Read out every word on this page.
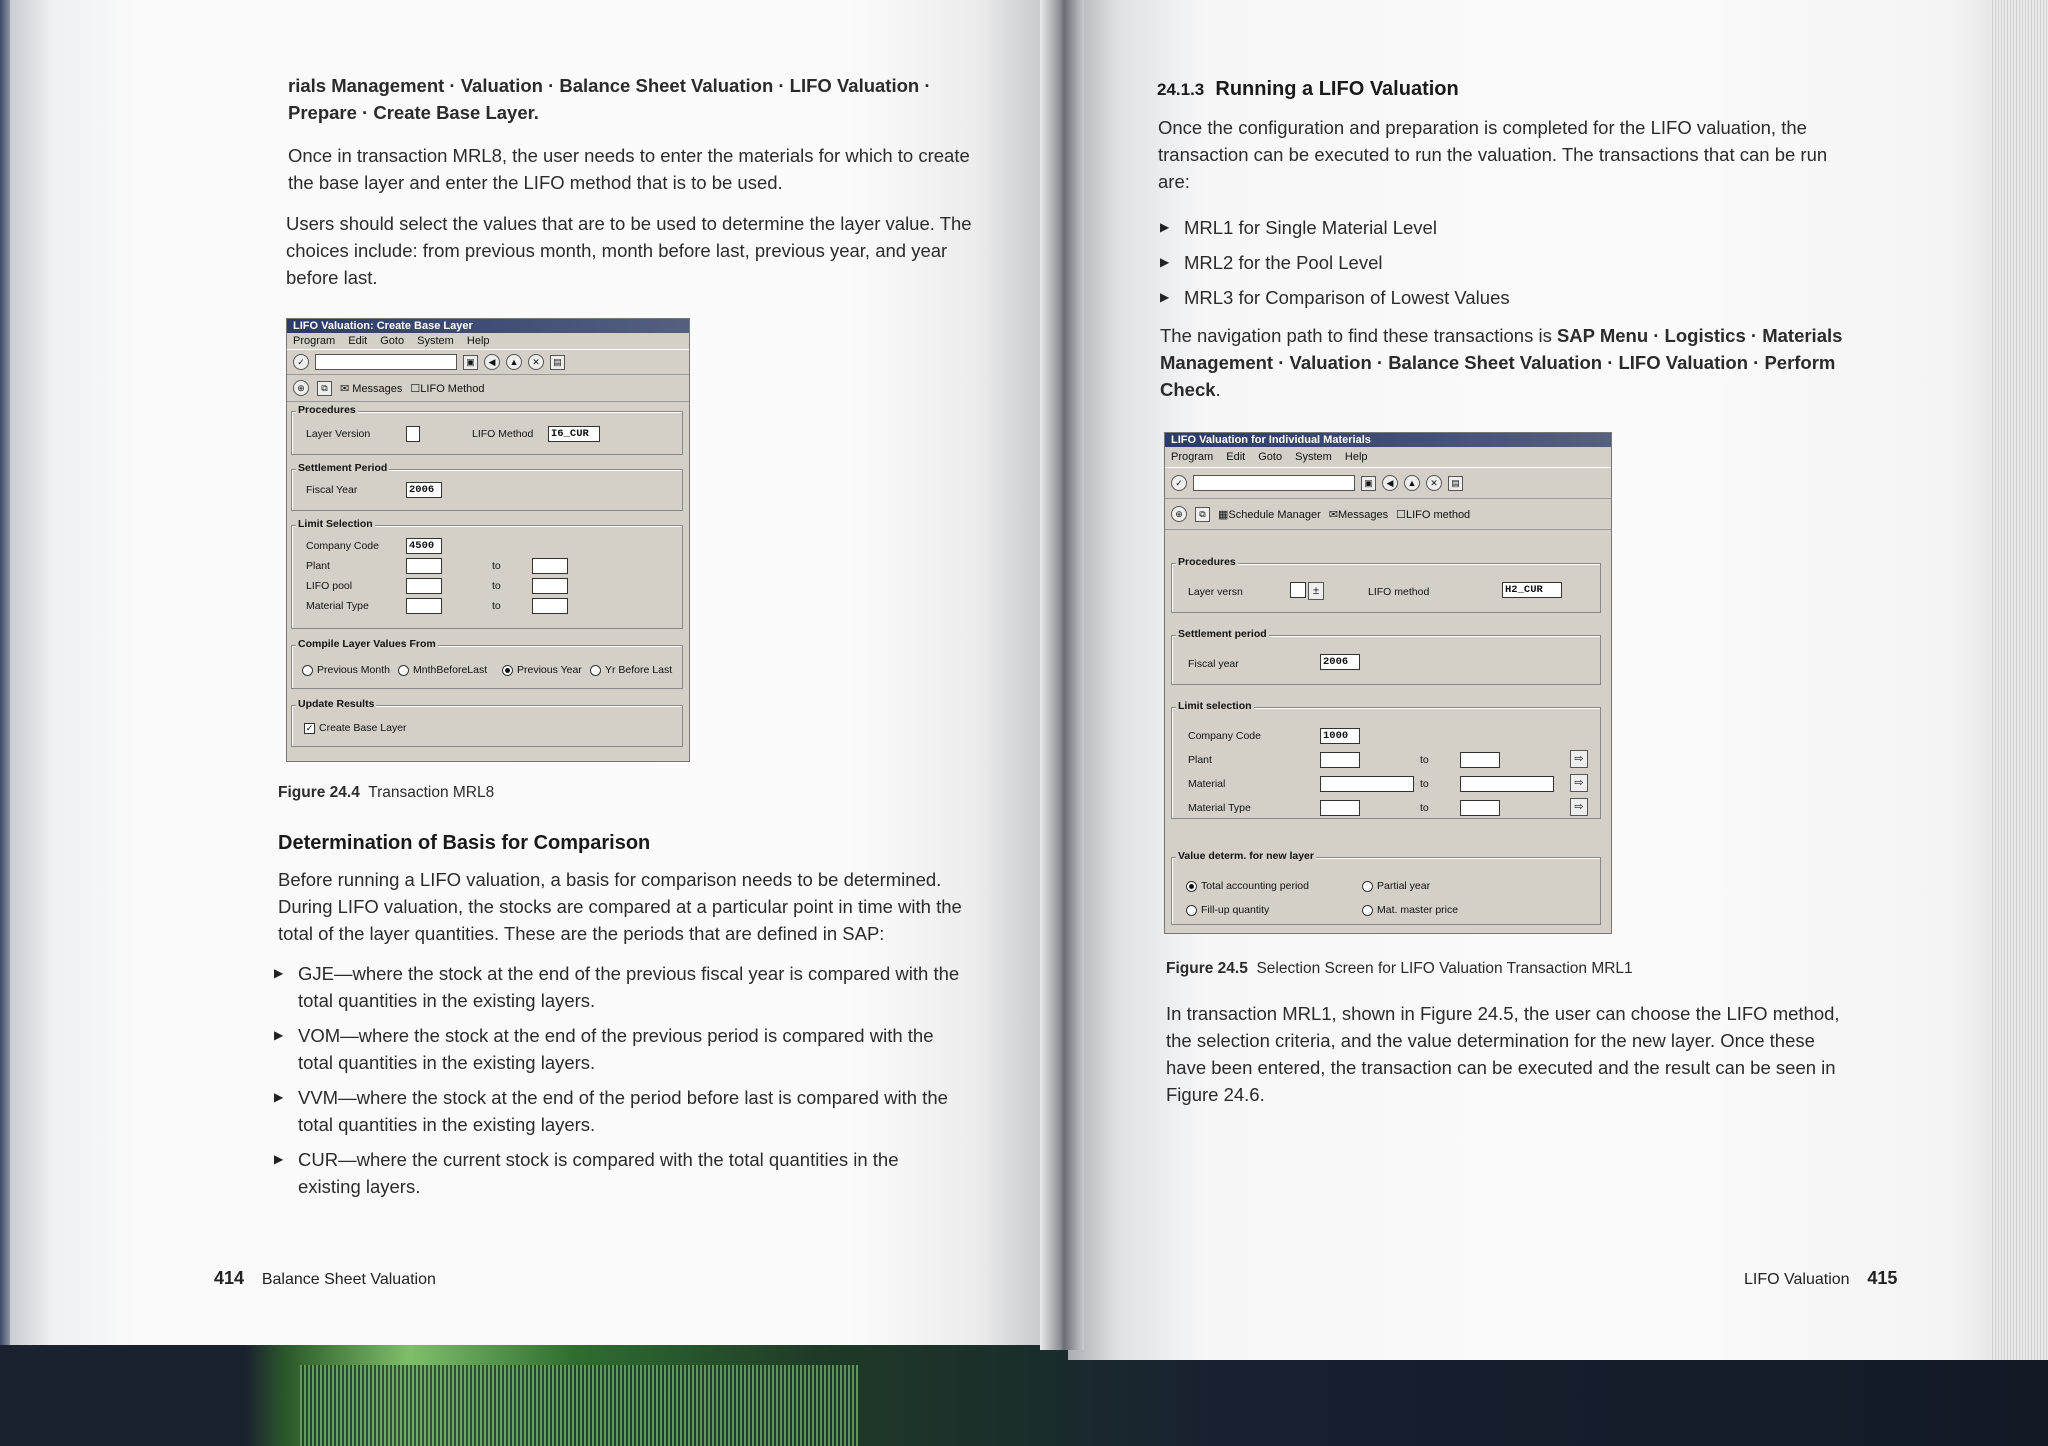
rials Management · Valuation · Balance Sheet Valuation · LIFO Valuation · Prepare · Create Base Layer.
Once in transaction MRL8, the user needs to enter the materials for which to create the base layer and enter the LIFO method that is to be used.
Users should select the values that are to be used to determine the layer value. The choices include: from previous month, month before last, previous year, and year before last.
LIFO Valuation: Create Base Layer
Program Edit Goto System Help
✓	▣	◀	▲	✕	▤
⊕	⧉	✉ Messages ☐LIFO Method
Procedures
Layer Version	LIFO Method I6_CUR
Settlement Period
Fiscal Year	2006
Limit Selection
Company Code	4500
Plant	to
LIFO pool	to
Material Type	to
Compile Layer Values From
Previous Month	MnthBeforeLast	Previous Year	Yr Before Last
Update Results
✓ Create Base Layer
Figure 24.4 Transaction MRL8
Determination of Basis for Comparison
Before running a LIFO valuation, a basis for comparison needs to be determined. During LIFO valuation, the stocks are compared at a particular point in time with the total of the layer quantities. These are the periods that are defined in SAP:
▶ GJE—where the stock at the end of the previous fiscal year is compared with the total quantities in the existing layers.
▶ VOM—where the stock at the end of the previous period is compared with the total quantities in the existing layers.
▶ VVM—where the stock at the end of the period before last is compared with the total quantities in the existing layers.
▶ CUR—where the current stock is compared with the total quantities in the existing layers.
414 Balance Sheet Valuation
24.1.3 Running a LIFO Valuation
Once the configuration and preparation is completed for the LIFO valuation, the transaction can be executed to run the valuation. The transactions that can be run are:
▶ MRL1 for Single Material Level
▶ MRL2 for the Pool Level
▶ MRL3 for Comparison of Lowest Values
The navigation path to find these transactions is SAP Menu · Logistics · Materials Management · Valuation · Balance Sheet Valuation · LIFO Valuation · Perform Check.
LIFO Valuation for Individual Materials
Program Edit Goto System Help
✓	▣	◀	▲	✕	▤
⊕	⧉	▦Schedule Manager ✉Messages ☐LIFO method
Procedures
Layer versn	±	LIFO method	H2_CUR
Settlement period
Fiscal year	2006
Limit selection
Company Code	1000
Plant	to	⇨
Material	to	⇨
Material Type	to	⇨
Value determ. for new layer
Total accounting period	Partial year
Fill-up quantity	Mat. master price
Figure 24.5 Selection Screen for LIFO Valuation Transaction MRL1
In transaction MRL1, shown in Figure 24.5, the user can choose the LIFO method, the selection criteria, and the value determination for the new layer. Once these have been entered, the transaction can be executed and the result can be seen in Figure 24.6.
LIFO Valuation 415
